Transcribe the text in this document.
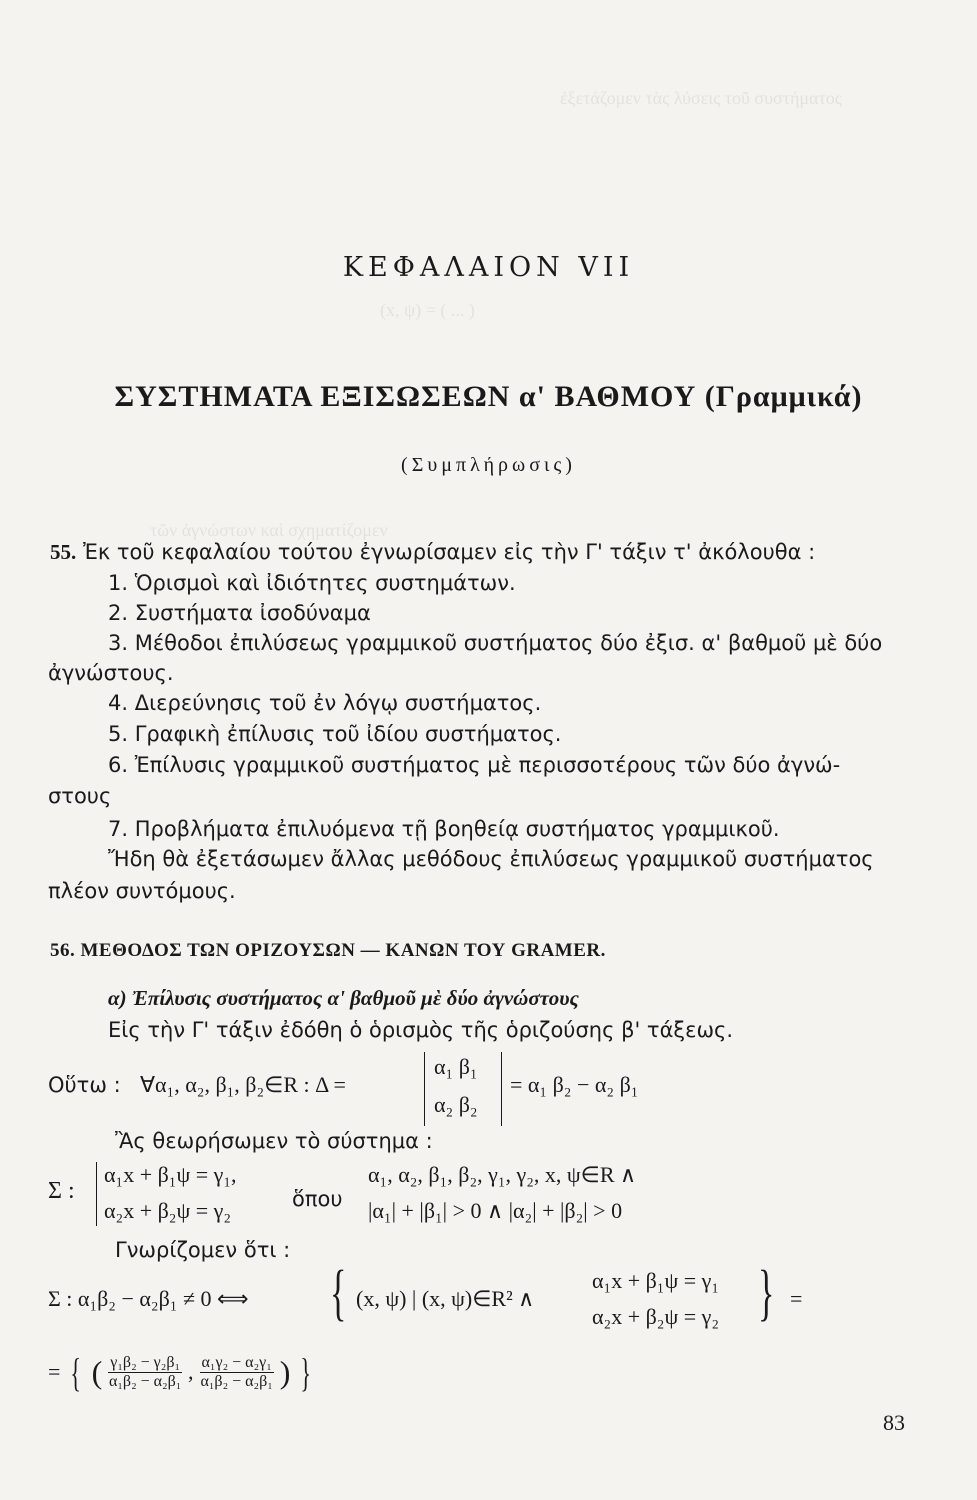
ἐξετάζομεν τὰς λύσεις τοῦ συστήματος
(x, ψ) = ( ... )
τῶν ἀγνώστων καὶ σχηματίζομεν
ΚΕΦΑΛΑΙΟΝ VII
ΣΥΣΤΗΜΑΤΑ ΕΞΙΣΩΣΕΩΝ α' ΒΑΘΜΟΥ (Γραμμικά)
(Συμπλήρωσις)
55. Ἐκ τοῦ κεφαλαίου τούτου ἐγνωρίσαμεν εἰς τὴν Γ' τάξιν τ' ἀκόλουθα :
1. Ὁρισμοὶ καὶ ἰδιότητες συστημάτων.
2. Συστήματα ἰσοδύναμα
3. Μέθοδοι ἐπιλύσεως γραμμικοῦ συστήματος δύο ἐξισ. α' βαθμοῦ μὲ δύο
ἀγνώστους.
4. Διερεύνησις τοῦ ἐν λόγῳ συστήματος.
5. Γραφικὴ ἐπίλυσις τοῦ ἰδίου συστήματος.
6. Ἐπίλυσις γραμμικοῦ συστήματος μὲ περισσοτέρους τῶν δύο ἀγνώ-
στους
7. Προβλήματα ἐπιλυόμενα τῇ βοηθείᾳ συστήματος γραμμικοῦ.
Ἤδη θὰ ἐξετάσωμεν ἄλλας μεθόδους ἐπιλύσεως γραμμικοῦ συστήματος
πλέον συντόμους.
56. ΜΕΘΟΔΟΣ ΤΩΝ ΟΡΙΖΟΥΣΩΝ — ΚΑΝΩΝ ΤΟΥ GRAMER.
α) Ἐπίλυσις συστήματος α' βαθμοῦ μὲ δύο ἀγνώστους
Εἰς τὴν Γ' τάξιν ἐδόθη ὁ ὁρισμὸς τῆς ὁριζούσης β' τάξεως.
Οὕτω : ∀α₁, α₂, β₁, β₂∈R : Δ =
α₁ β₁
α₂ β₂
= α₁ β₂ − α₂ β₁
Ἂς θεωρήσωμεν τὸ σύστημα :
Σ :
α₁x + β₁ψ = γ₁,
α₂x + β₂ψ = γ₂	ὅπου
α₁, α₂, β₁, β₂, γ₁, γ₂, x, ψ∈R ∧
|α₁| + |β₁| > 0 ∧ |α₂| + |β₂| > 0
Γνωρίζομεν ὅτι :
Σ : α₁β₂ − α₂β₁ ≠ 0 ⟺ { (x, ψ) | (x, ψ)∈R² ∧
α₁x + β₁ψ = γ₁
α₂x + β₂ψ = γ₂ } =
= { ( $\frac{\text{γ₁β₂ − γ₂β₁}}{\text{α₁β₂ − α₂β₁}}$ , $\frac{\text{α₁γ₂ − α₂γ₁}}{\text{α₁β₂ − α₂β₁}}$ ) }
83
